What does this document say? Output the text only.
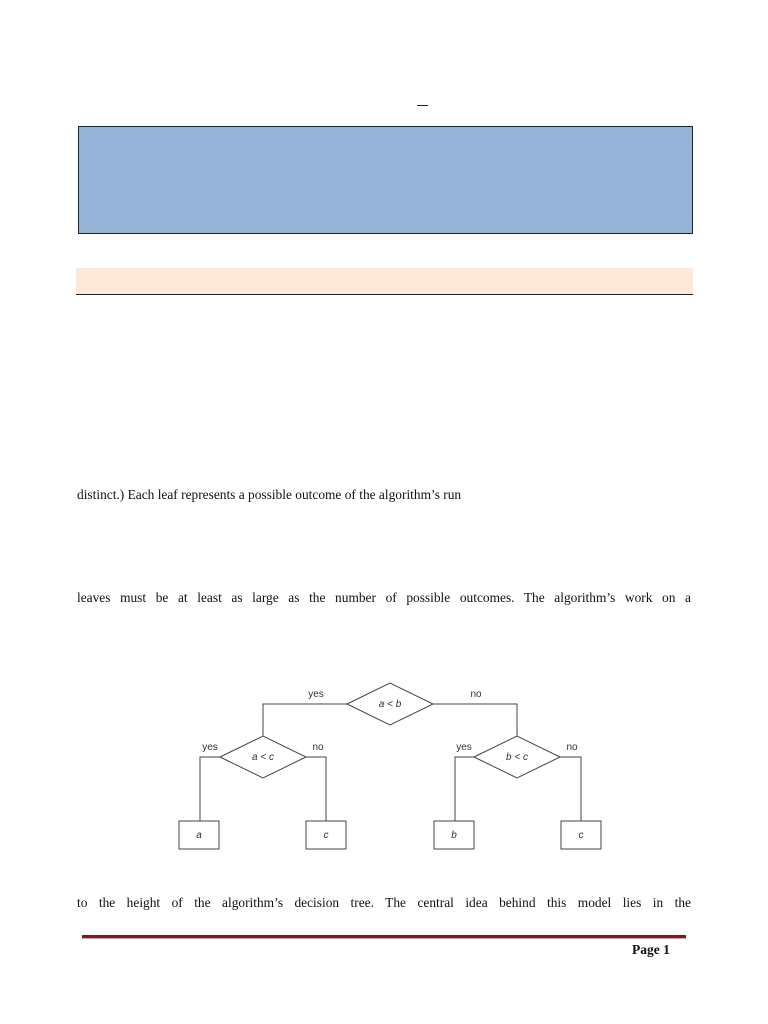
distinct.) Each leaf represents a possible outcome of the algorithm’s run
leaves must be at least as large as the number of possible outcomes. The algorithm’s work on a
a < b
yes	no
a < c
yes	no
b < c
yes	no
a	c	b	c
to the height of the algorithm’s decision tree. The central idea behind this model lies in the
Page 1
